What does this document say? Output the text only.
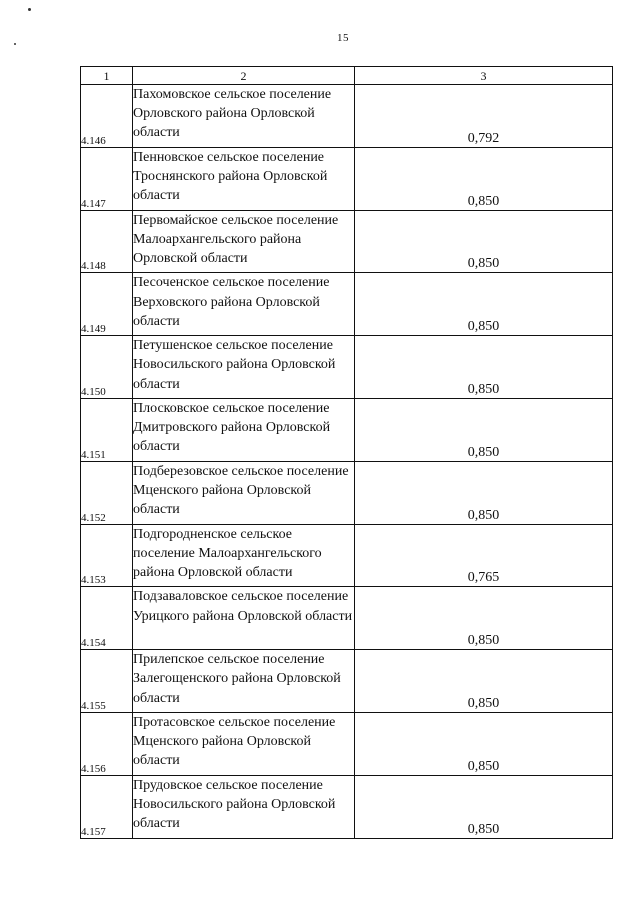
15
1	2	3
4.146	Пахомовское сельское поселение Орловского района Орловской области	0,792
4.147	Пенновское сельское поселение Троснянского района Орловской области	0,850
4.148	Первомайское сельское поселение Малоархангельского района Орловской области	0,850
4.149	Песоченское сельское поселение Верховского района Орловской области	0,850
4.150	Петушенское сельское поселение Новосильского района Орловской области	0,850
4.151	Плосковское сельское поселение Дмитровского района Орловской области	0,850
4.152	Подберезовское сельское поселение Мценского района Орловской области	0,850
4.153	Подгородненское сельское поселение Малоархангельского района Орловской области	0,765
4.154	Подзаваловское сельское поселение Урицкого района Орловской области	0,850
4.155	Прилепское сельское поселение Залегощенского района Орловской области	0,850
4.156	Протасовское сельское поселение Мценского района Орловской области	0,850
4.157	Прудовское сельское поселение Новосильского района Орловской области	0,850
